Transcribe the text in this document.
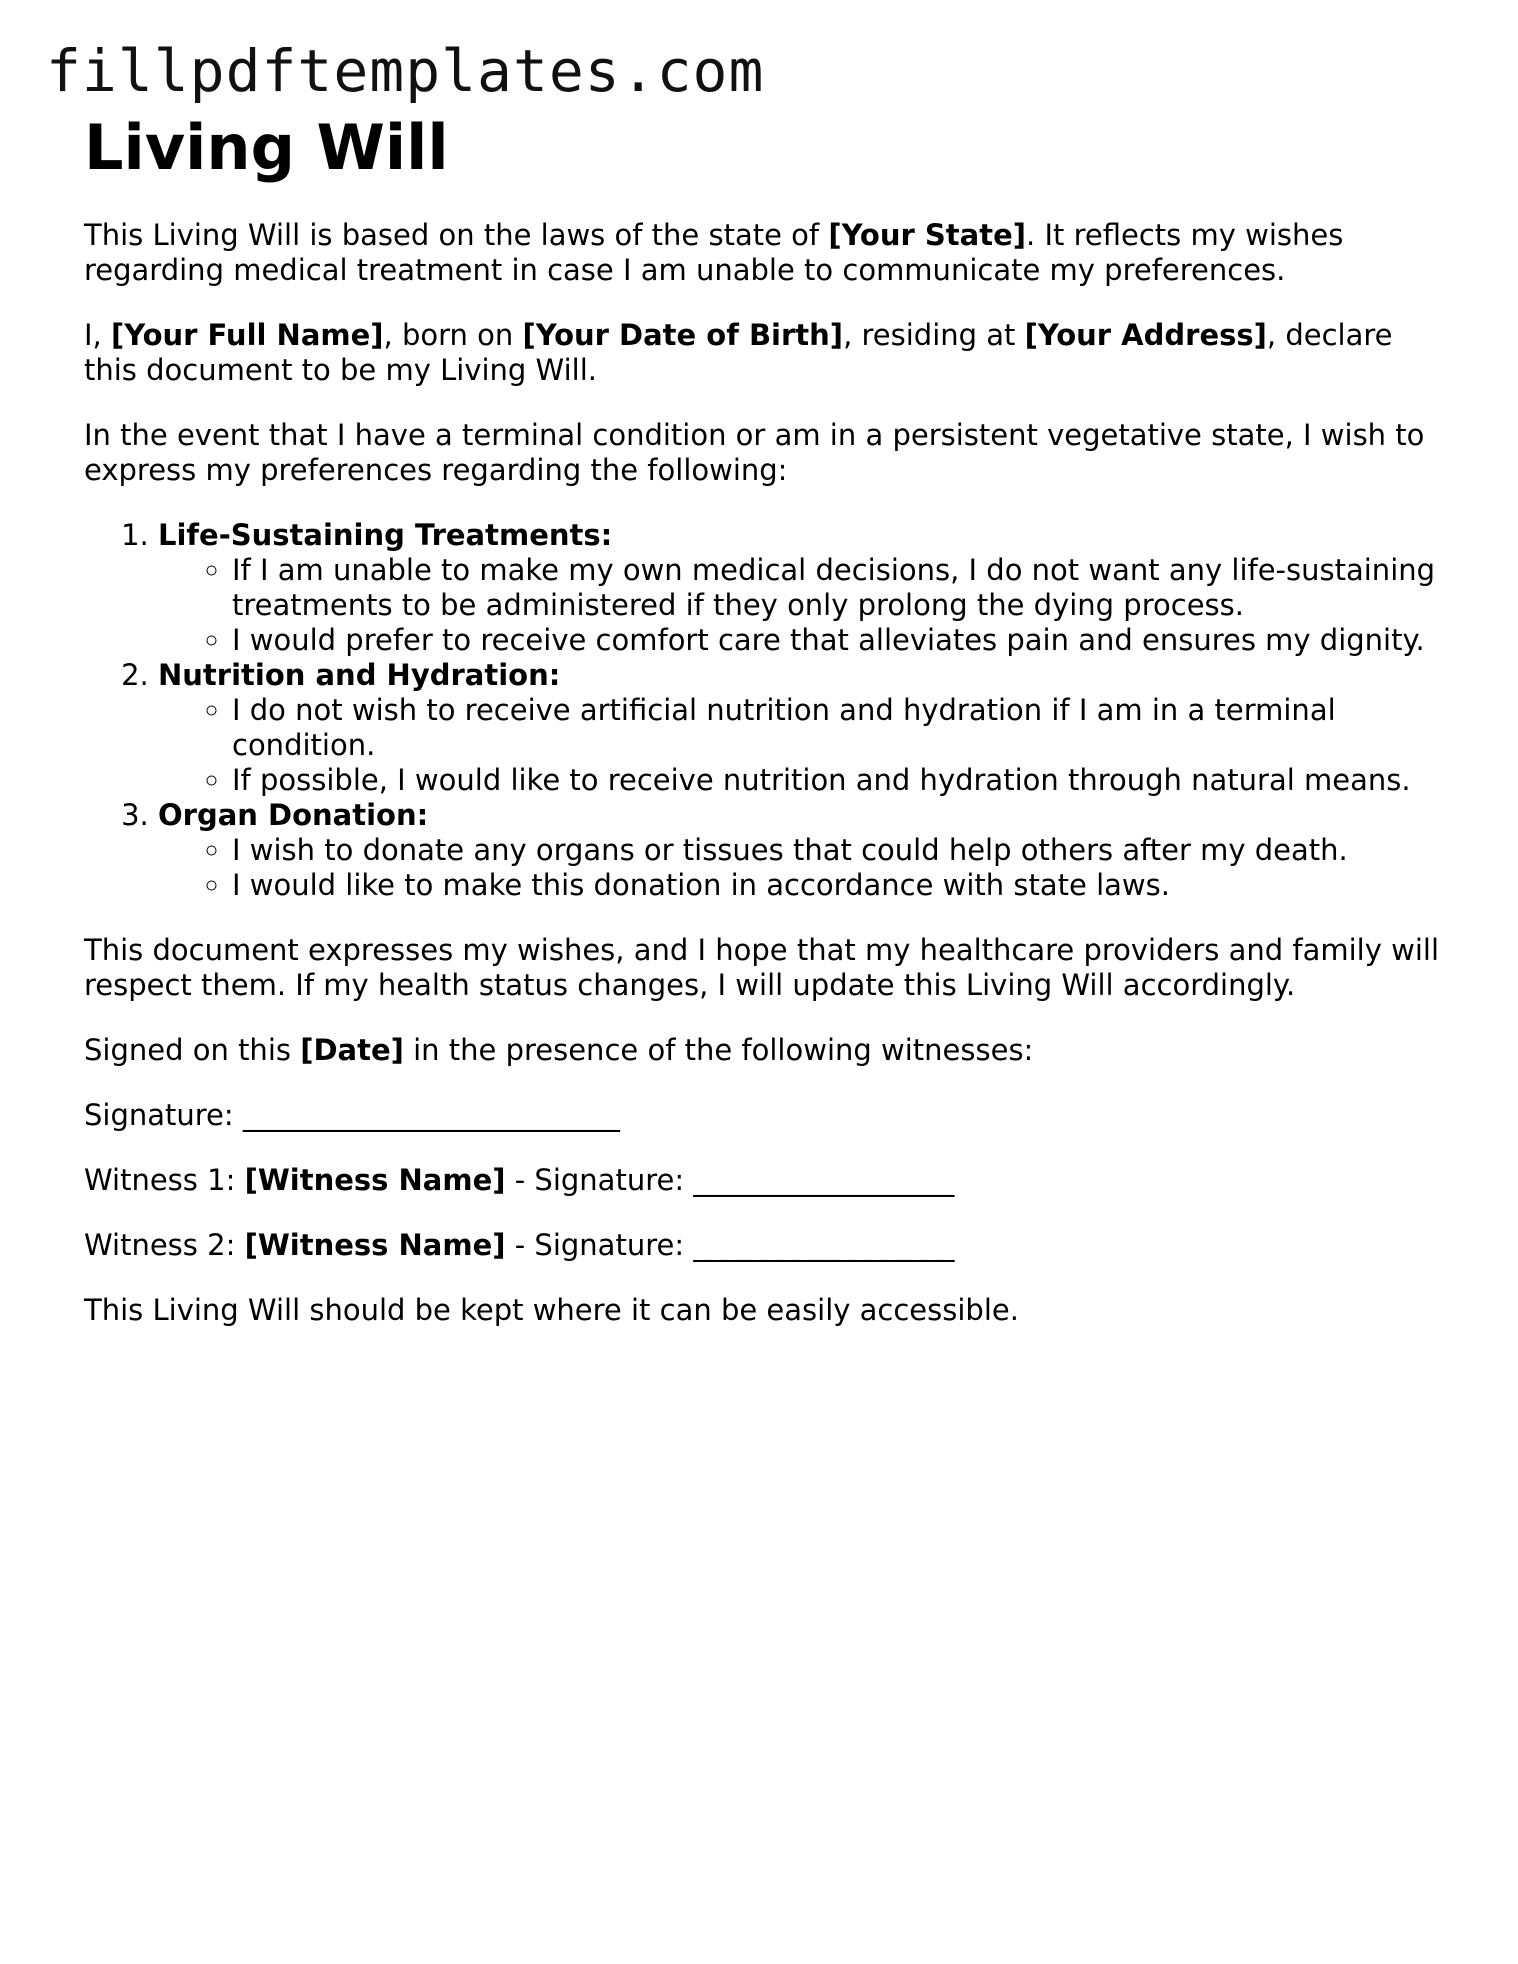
fillpdftemplates.com
Living Will

This Living Will is based on the laws of the state of [Your State]. It reflects my wishes regarding medical treatment in case I am unable to communicate my preferences.

I, [Your Full Name], born on [Your Date of Birth], residing at [Your Address], declare this document to be my Living Will.

In the event that I have a terminal condition or am in a persistent vegetative state, I wish to express my preferences regarding the following:

1. Life-Sustaining Treatments:
◦ If I am unable to make my own medical decisions, I do not want any life-sustaining treatments to be administered if they only prolong the dying process.
◦ I would prefer to receive comfort care that alleviates pain and ensures my dignity.
2. Nutrition and Hydration:
◦ I do not wish to receive artificial nutrition and hydration if I am in a terminal condition.
◦ If possible, I would like to receive nutrition and hydration through natural means.
3. Organ Donation:
◦ I wish to donate any organs or tissues that could help others after my death.
◦ I would like to make this donation in accordance with state laws.

This document expresses my wishes, and I hope that my healthcare providers and family will respect them. If my health status changes, I will update this Living Will accordingly.

Signed on this [Date] in the presence of the following witnesses:

Signature: __________________________

Witness 1: [Witness Name] - Signature: __________________

Witness 2: [Witness Name] - Signature: __________________

This Living Will should be kept where it can be easily accessible.
